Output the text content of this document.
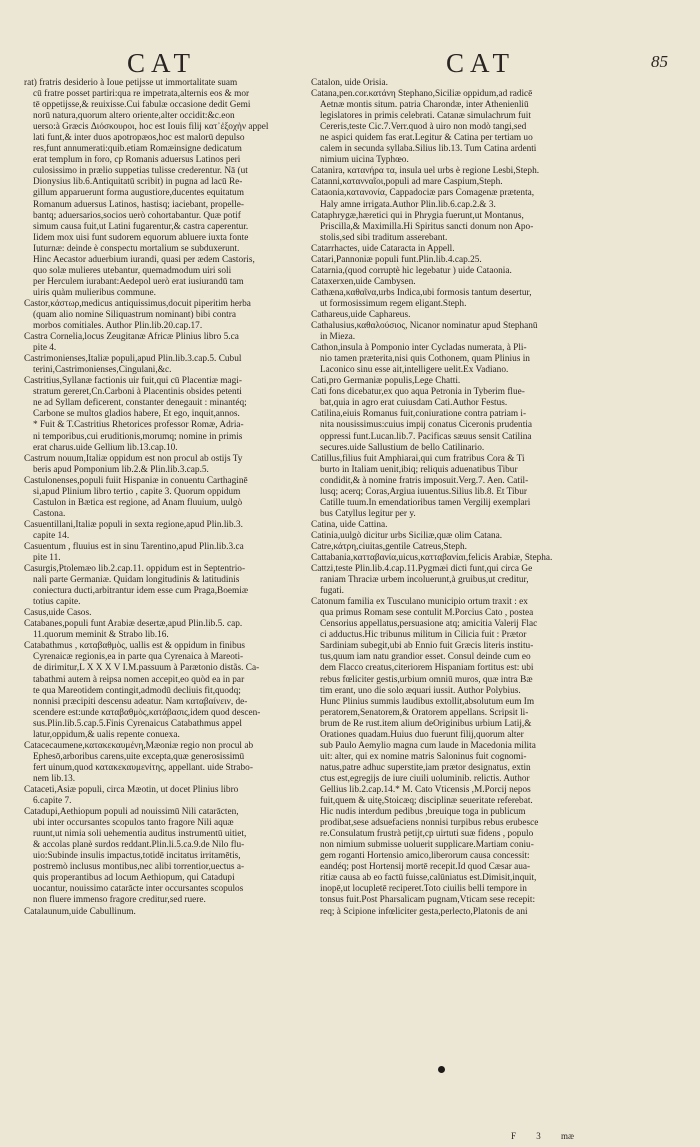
CAT	CAT	85

rat) fratris desiderio à Ioue petijsse ut immortalitate suam
cū fratre posset partiri:qua re impetrata,alternis eos & mor
tē oppetijsse,& reuixisse.Cui fabulæ occasione dedit Gemi
norū natura,quorum altero oriente,alter occidit:&c.eon
uerso:à Græcis Διόσκουροι, hoc est Iouis filij κατ᾽ἐξοχὴν appel
lati funt,& inter duos apotropæos,hoc est malorū depulso
res,funt annumerati:quib.etiam Romæinsigne dedicatum
erat templum in foro, cp Romanis aduersus Latinos peri
culosissimo in prælio suppetias tulisse crederentur. Nā (ut
Dionysius lib.6.Antiquitatū scribit) in pugna ad lacū Re-
gillum apparuerunt forma augustiore,ducentes equitatum
Romanum aduersus Latinos, hastisq; iaciebant, propelle-
bantq; aduersarios,socios uerò cohortabantur. Quæ potif
simum causa fuit,ut Latini fugarentur,& castra caperentur.
Iidem mox uisi funt sudorem equorum abluere iuxta fonte
Iuturnæ: deinde è conspectu mortalium se subduxerunt.
Hinc Aecastor aduerbium iurandi, quasi per ædem Castoris,
quo solæ mulieres utebantur, quemadmodum uiri soli
per Herculem iurabant:Aedepol uerò erat iusiurandū tam
uiris quàm mulieribus commune.

Castor,κάστωρ,medicus antiquissimus,docuit piperitim herba
(quam alio nomine Siliquastrum nominant) bibi contra
morbos comitiales. Author Plin.lib.20.cap.17.

Castra Cornelia,locus Zeugitanæ Africæ Plinius libro 5.ca
pite 4.

Castrimonienses,Italiæ populi,apud Plin.lib.3.cap.5. Cubul
terini,Castrimonienses,Cingulani,&c.

Castritius,Syllanæ factionis uir fuit,qui cū Placentiæ magi-
stratum gereret,Cn.Carboni à Placentinis obsides petenti
ne ad Syllam deficerent, constanter denegauit : minantéq;
Carbone se multos gladios habere, Et ego, inquit,annos.
* Fuit & T.Castritius Rhetorices professor Romæ, Adria-
ni temporibus,cui eruditionis,morumq; nomine in primis
erat charus.uide Gellium lib.13.cap.10.

Castrum nouum,Italiæ oppidum est non procul ab ostijs Ty
beris apud Pomponium lib.2.& Plin.lib.3.cap.5.

Castulonenses,populi fuiit Hispaniæ in conuentu Carthaginē
si,apud Plinium libro tertio , capite 3. Quorum oppidum
Castulon in Bætica est regione, ad Anam fluuium, uulgò
Castona.

Casuentillani,Italiæ populi in sexta regione,apud Plin.lib.3.
capite 14.

Casuentum , fluuius est in sinu Tarentino,apud Plin.lib.3.ca
pite 11.

Casurgis,Ptolemæo lib.2.cap.11. oppidum est in Septentrio-
nali parte Germaniæ. Quidam longitudinis & latitudinis
coniectura ducti,arbitrantur idem esse cum Praga,Boemiæ
totius capite.

Casus,uide Casos.

Catabanes,populi funt Arabiæ desertæ,apud Plin.lib.5. cap.
11.quorum meminit & Strabo lib.16.

Catabathmus , καταβαθμὸς, uallis est & oppidum in finibus
Cyrenaicæ regionis,ea in parte qua Cyrenaica à Mareoti-
de dirimitur,L X X X V I.M.passuum à Parætonio distãs. Ca-
tabathmi autem à reipsa nomen accepit,eo quòd ea in par
te qua Mareotidem contingit,admodū decliuis fit,quodq;
nonnisi præcipiti descensu adeatur. Nam καταβαίνειν, de-
scendere est:unde καταβαθμὸς,κατάβασις,idem quod descen-
sus.Plin.lib.5.cap.5.Finis Cyrenaicus Catabathmus appel
latur,oppidum,& ualis repente conuexa.

Catacecaumene,κατακεκαυμένη,Mæoniæ regio non procul ab
Ephesō,arboribus carens,uite excepta,quæ generosissimū
fert uinum,quod κατακεκαυμενίτης, appellant. uide Strabo-
nem lib.13.

Cataceti,Asiæ populi, circa Mæotin, ut docet Plinius libro
6.capite 7.

Catadupi,Aethiopum populi ad nouissimū Nili catarācten,
ubi inter occursantes scopulos tanto fragore Nili aquæ
ruunt,ut nimia soli uehementia auditus instrumentū uitiet,
& accolas planè surdos reddant.Plin.li.5.ca.9.de Nilo flu-
uio:Subinde insulis impactus,totidē incitatus irritamētis,
postremò inclusus montibus,nec alibi torrentior,uectus a-
quis properantibus ad locum Aethiopum, qui Catadupi
uocantur, nouissimo catarācte inter occursantes scopulos
non fluere immenso fragore creditur,sed ruere.

Catalaunum,uide Cabullinum.

Catalon, uide Orisia.

Catana,pen.cor.κατάνη Stephano,Siciliæ oppidum,ad radicē
Aetnæ montis situm. patria Charondæ, inter Athenienliū
legislatores in primis celebrati. Catanæ simulachrum fuit
Cereris,teste Cic.7.Verr.quod à uiro non modò tangi,sed
ne aspici quidem fas erat.Legitur & Catina per tertiam uo
calem in secunda syllaba.Silius lib.13. Tum Catina ardenti
nimium uicina Typhœo.

Catanira, κατανήρα τα, insula uel urbs è regione Lesbi,Steph.

Catanni,κατανναῖοι,populi ad mare Caspium,Steph.

Cataonia,κατανονία, Cappadociæ pars Comagenæ prætenta,
Haly amne irrigata.Author Plin.lib.6.cap.2.& 3.

Cataphrygæ,hæretici qui in Phrygia fuerunt,ut Montanus,
Priscilla,& Maximilla.Hi Spiritus sancti donum non Apo-
stolis,sed sibi traditum asserebant.

Catarrhactes, uide Cataracta in Appell.

Catari,Pannoniæ populi funt.Plin.lib.4.cap.25.

Catarnia,(quod corruptè hic legebatur ) uide Cataonia.

Cataxerxen,uide Cambysen.

Cathæna,καθαῖνα,urbs Indica,ubi formosis tantum desertur,
ut formosissimum regem eligant.Steph.

Cathareus,uide Caphareus.

Cathalusius,καθαλούσιος, Nicanor nominatur apud Stephanū
in Mieza.

Cathon,insula à Pomponio inter Cycladas numerata, à Pli-
nio tamen præterita,nisi quis Cothonem, quam Plinius in
Laconico sinu esse ait,intelligere uelit.Ex Vadiano.

Cati,pro Germaniæ populis,Lege Chatti.

Cati fons dicebatur,ex quo aqua Petronia in Tyberim flue-
bat,quia in agro erat cuiusdam Cati.Author Festus.

Catilina,eiuis Romanus fuit,coniuratione contra patriam i-
nita nousissimus:cuius impij conatus Ciceronis prudentia
oppressi funt.Lucan.lib.7. Pacificas sæuus sensit Catilina
secures.uide Sallustium de bello Catilinario.

Catillus,filius fuit Amphiarai,qui cum fratribus Cora & Ti
burto in Italiam uenit,ibiq; reliquis aduenatibus Tibur
condidit,& à nomine fratris imposuit.Verg.7. Aen. Catil-
lusq; acerq; Coras,Argiua iuuentus.Silius lib.8. Et Tibur
Catille tuum.In emendatioribus tamen Vergilij exemplari
bus Catyllus legitur per y.

Catina, uide Cattina.

Catinia,uulgò dicitur urbs Siciliæ,quæ olim Catana.

Catre,κάτρη,ciuitas,gentile Catreus,Steph.

Cattabania,κατταβανία,uicus,κατταβανίαι,felicis Arabiæ, Stepha.

Cattzi,teste Plin.lib.4.cap.11.Pygmæi dicti funt,qui circa Ge
raniam Thraciæ urbem incoluerunt,à gruibus,ut creditur,
fugati.

Catonum familia ex Tusculano municipio ortum traxit : ex
qua primus Romam sese contulit M.Porcius Cato , postea
Censorius appellatus,persuasione atq; amicitia Valerij Flac
ci adductus.Hic tribunus militum in Cilicia fuit : Prætor
Sardiniam subegit,ubi ab Ennio fuit Græcis literis institu-
tus,quum iam natu grandior esset. Consul deinde cum eo
dem Flacco creatus,citeriorem Hispaniam fortitus est: ubi
rebus fœliciter gestis,urbium omniū muros, quæ intra Bæ
tim erant, uno die solo æquari iussit. Author Polybius.
Hunc Plinius summis laudibus extollit,absolutum eum Im
peratorem,Senatorem,& Oratorem appellans. Scripsit li-
brum de Re rust.item alium deOriginibus urbium Latij,&
Orationes quadam.Huius duo fuerunt filij,quorum alter
sub Paulo Aemylio magna cum laude in Macedonia milita
uit: alter, qui ex nomine matris Saloninus fuit cognomi-
natus,patre adhuc superstite,iam prætor designatus, extin
ctus est,egregijs de iure ciuili uoluminib. relictis. Author
Gellius lib.2.cap.14.* M. Cato Vticensis ,M.Porcij nepos
fuit,quem & uitę,Stoicæq; disciplinæ seueritate referebat.
Hic nudis interdum pedibus ,breuique toga in publicum
prodibat,sese adsuefaciens nonnisi turpibus rebus erubesce
re.Consulatum frustrà petijt,cp uirtuti suæ fidens , populo
non nimium submisse uoluerit supplicare.Martiam coniu-
gem roganti Hortensio amico,liberorum causa concessit:
eandéq; post Hortensij mortē recepit.Id quod Cæsar aua-
ritiæ causa ab eo factū fuisse,calūniatus est.Dimisit,inquit,
inopē,ut locupletē reciperet.Toto ciuilis belli tempore in
tonsus fuit.Post Pharsalicam pugnam,Vticam sese recepit:
req; à Scipione infœliciter gesta,perlecto,Platonis de ani

F 3 mæ
